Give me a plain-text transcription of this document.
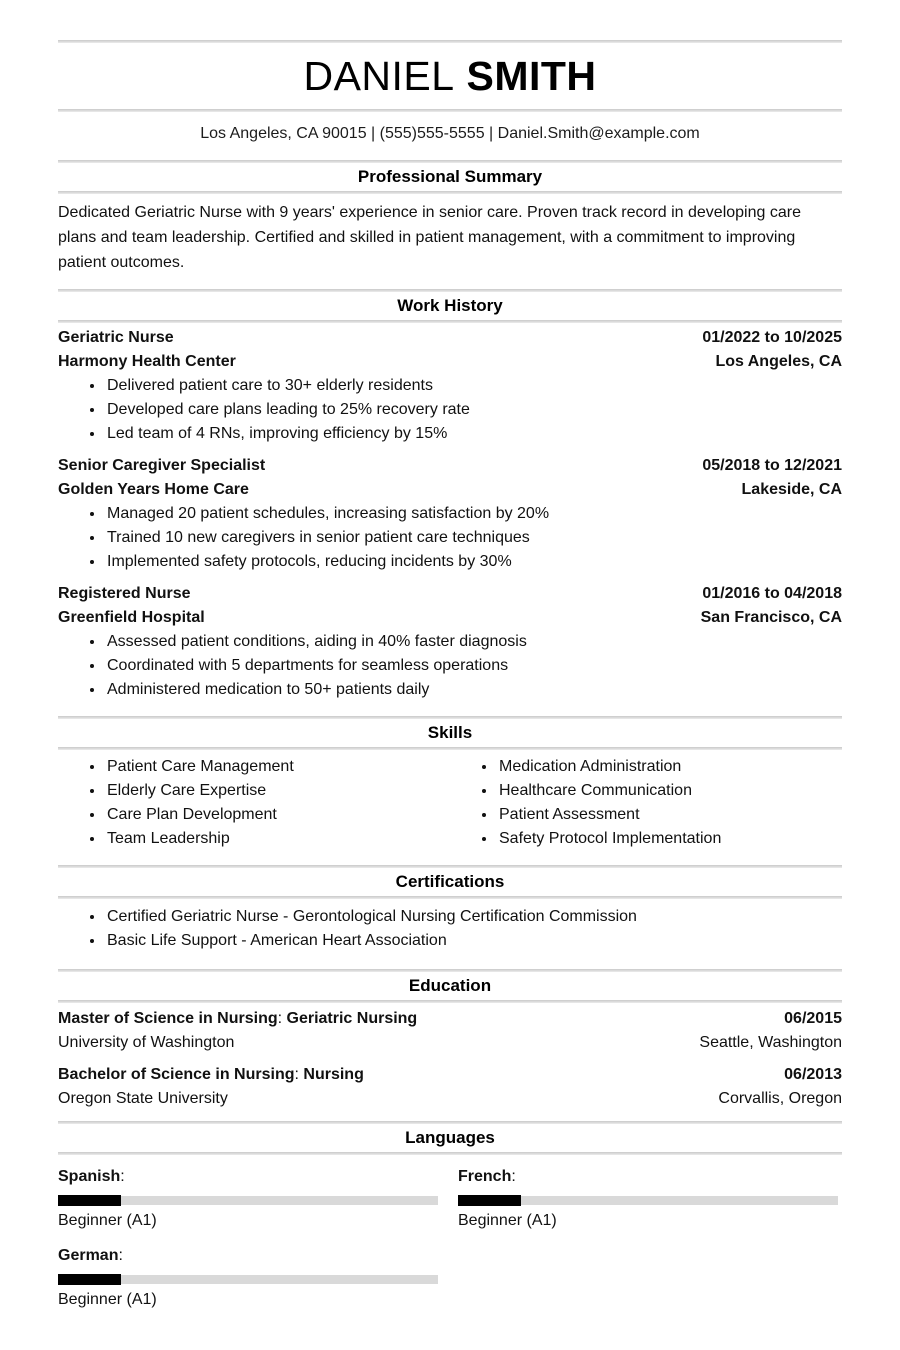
DANIEL SMITH
Los Angeles, CA 90015 | (555)555-5555 | Daniel.Smith@example.com
Professional Summary

Dedicated Geriatric Nurse with 9 years' experience in senior care. Proven track record in developing care plans and team leadership. Certified and skilled in patient management, with a commitment to improving patient outcomes.

Work History
Geriatric Nurse	01/2022 to 10/2025
Harmony Health Center	Los Angeles, CA
• Delivered patient care to 30+ elderly residents
• Developed care plans leading to 25% recovery rate
• Led team of 4 RNs, improving efficiency by 15%
Senior Caregiver Specialist	05/2018 to 12/2021
Golden Years Home Care	Lakeside, CA
• Managed 20 patient schedules, increasing satisfaction by 20%
• Trained 10 new caregivers in senior patient care techniques
• Implemented safety protocols, reducing incidents by 30%
Registered Nurse	01/2016 to 04/2018
Greenfield Hospital	San Francisco, CA
• Assessed patient conditions, aiding in 40% faster diagnosis
• Coordinated with 5 departments for seamless operations
• Administered medication to 50+ patients daily
Skills
• Patient Care Management
• Elderly Care Expertise
• Care Plan Development
• Team Leadership
• Medication Administration
• Healthcare Communication
• Patient Assessment
• Safety Protocol Implementation
Certifications
• Certified Geriatric Nurse - Gerontological Nursing Certification Commission
• Basic Life Support - American Heart Association
Education
Master of Science in Nursing: Geriatric Nursing	06/2015
University of Washington	Seattle, Washington
Bachelor of Science in Nursing: Nursing	06/2013
Oregon State University	Corvallis, Oregon
Languages
Spanish:
Beginner (A1)
French:
Beginner (A1)
German:
Beginner (A1)
